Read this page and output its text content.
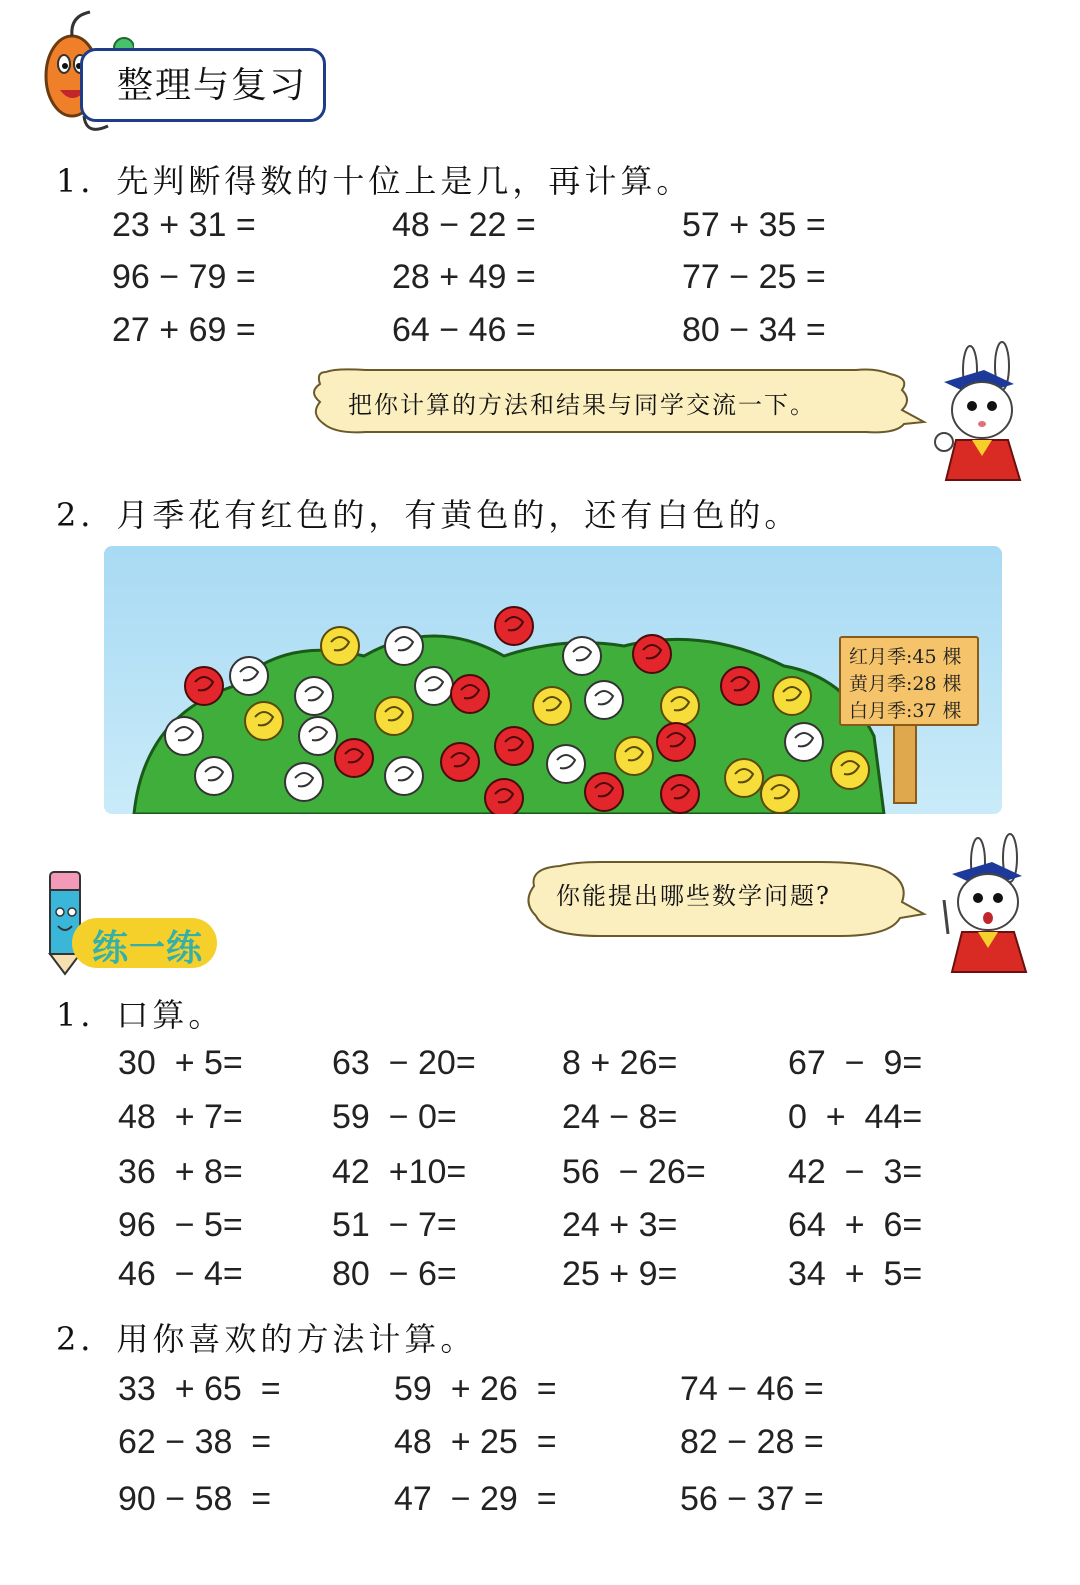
整理与复习
1．先判断得数的十位上是几，再计算。
23 + 31 =	48 − 22 =	57 + 35 =
96 − 79 =	28 + 49 =	77 − 25 =
27 + 69 =	64 − 46 =	80 − 34 =
把你计算的方法和结果与同学交流一下。
2．月季花有红色的，有黄色的，还有白色的。
红月季:45 棵
黄月季:28 棵
白月季:37 棵
你能提出哪些数学问题?
练一练
1．口算。
30  + 5=	63  − 20=	8 + 26=	67  −  9=
48  + 7=	59  − 0=	24 − 8=	0  +  44=
36  + 8=	42  +10=	56  − 26= 42  −  3=
96  − 5=	51  − 7=	24 + 3=	64  +  6=
46  − 4=	80  − 6=	25 + 9=	34  +  5=
2．用你喜欢的方法计算。
33  + 65  =	59  + 26  =	74 − 46 =
62 − 38  =	48  + 25  =	82 − 28 =
90 − 58  =	47  − 29  =	56 − 37 =
